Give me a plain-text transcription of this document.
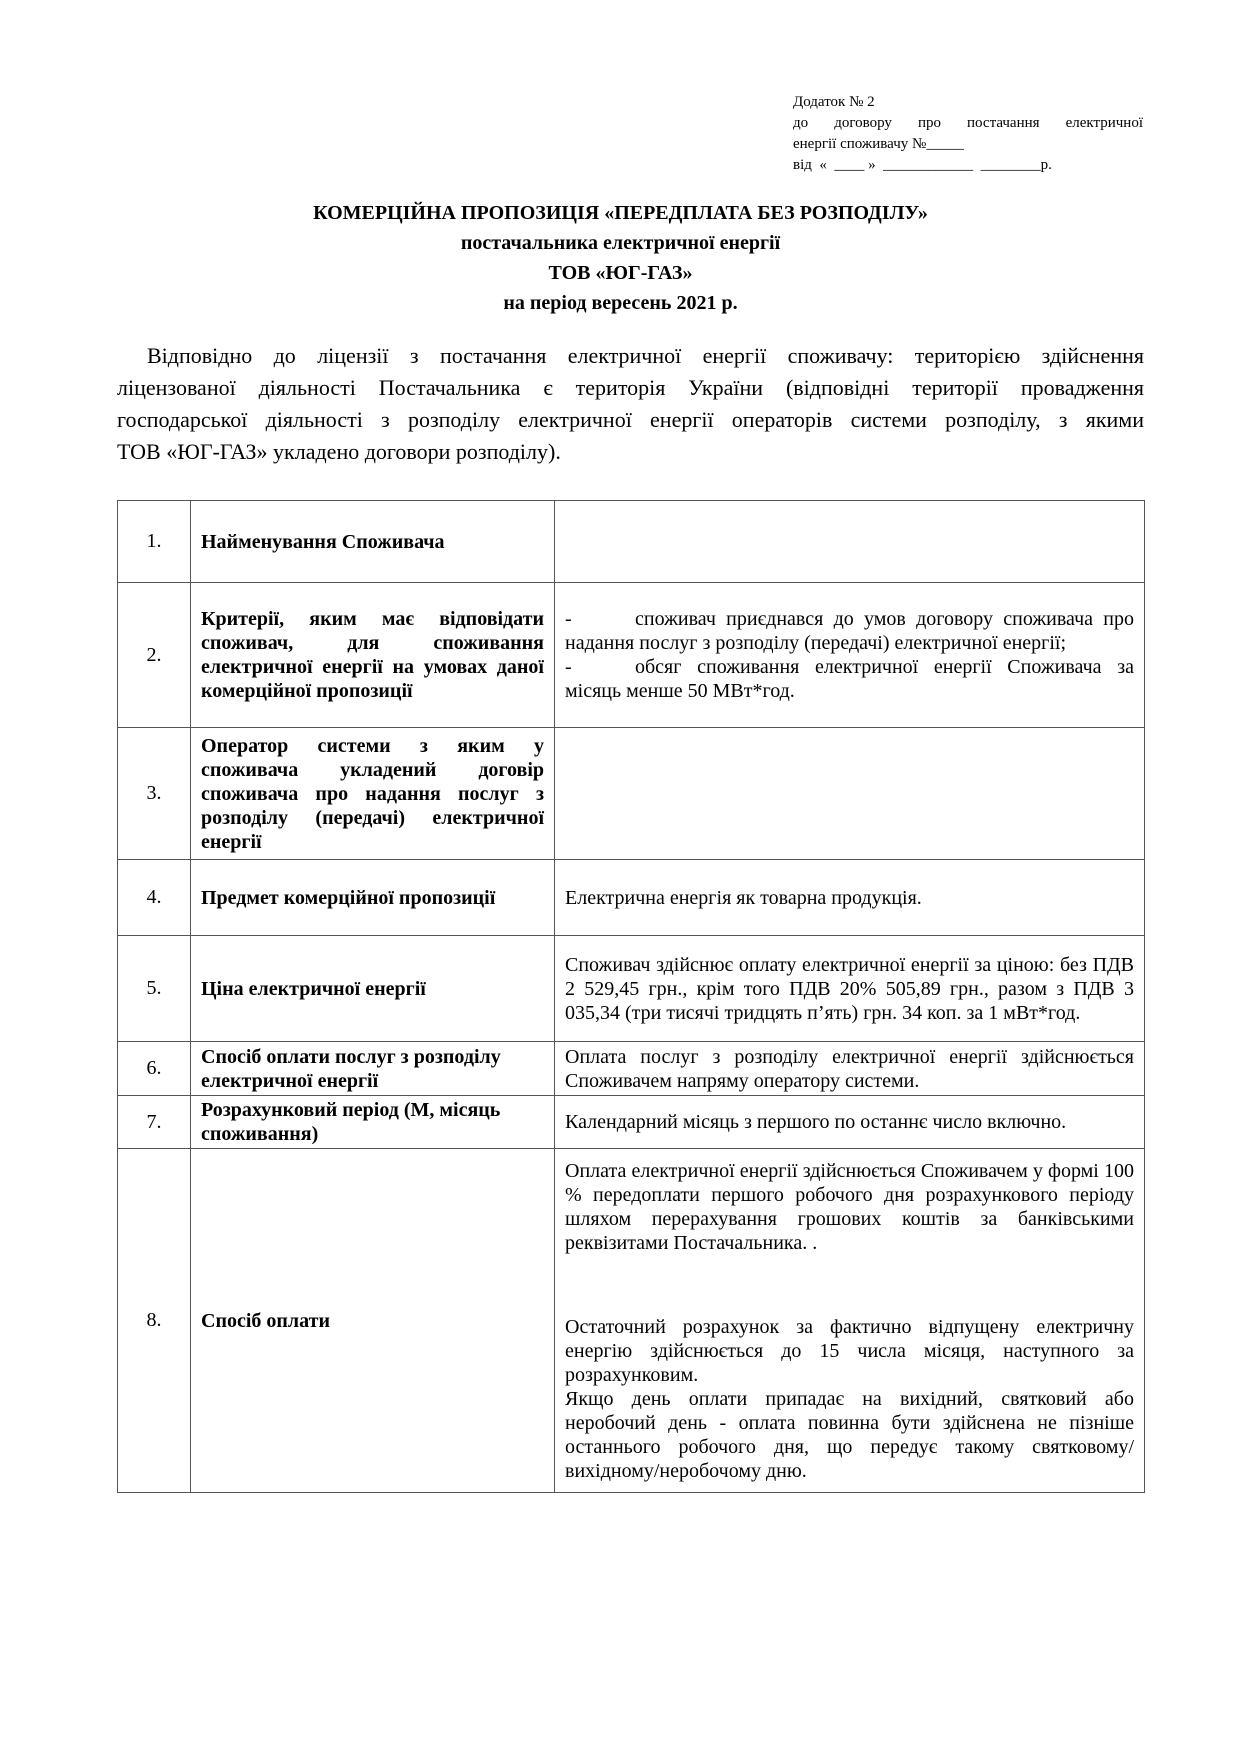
Додаток № 2
до договору про постачання електричної
енергії споживачу №_____
від  «  ____ »  ____________  ________р.
КОМЕРЦІЙНА ПРОПОЗИЦІЯ «ПЕРЕДПЛАТА БЕЗ РОЗПОДІЛУ»
постачальника електричної енергії
ТОВ «ЮГ-ГАЗ»
на період вересень 2021 р.
Відповідно до ліцензії з постачання електричної енергії споживачу: територією здійснення
ліцензованої діяльності Постачальника є територія України (відповідні території провадження
господарської діяльності з розподілу електричної енергії операторів системи розподілу, з якими
ТОВ «ЮГ-ГАЗ» укладено договори розподілу).
1.	Найменування Споживача	
2.	Критерії, яким має відповідати споживач, для споживання електричної енергії на умовах даної комерційної пропозиції	- споживач приєднався до умов договору споживача про надання послуг з розподілу (передачі) електричної енергії;
- обсяг споживання електричної енергії Споживача за місяць менше 50 МВт*год.

3.	Оператор системи з яким у споживача укладений договір споживача про надання послуг з розподілу (передачі) електричної енергії	
4.	Предмет комерційної пропозиції	Електрична енергія як товарна продукція.
5.	Ціна електричної енергії	Споживач здійснює оплату електричної енергії за ціною: без ПДВ 2 529,45 грн., крім того ПДВ 20% 505,89 грн., разом з ПДВ 3 035,34 (три тисячі тридцять п’ять) грн. 34 коп. за 1 мВт*год.
6.	Спосіб оплати послуг з розподілу електричної енергії	Оплата послуг з розподілу електричної енергії здійснюється Споживачем напряму оператору системи.
7.	Розрахунковий період (М, місяць споживання)	Календарний місяць з першого по останнє число включно.
8.	Спосіб оплати	Оплата електричної енергії здійснюється Споживачем у формі 100 % передоплати першого робочого дня розрахункового періоду шляхом перерахування грошових коштів за банківськими реквізитами Постачальника. .
Остаточний розрахунок за фактично відпущену електричну енергію здійснюється до 15 числа місяця, наступного за розрахунковим.
Якщо день оплати припадає на вихідний, святковий або неробочий день - оплата повинна бути здійснена не пізніше останнього робочого дня, що передує такому святковому/вихідному/неробочому дню.
